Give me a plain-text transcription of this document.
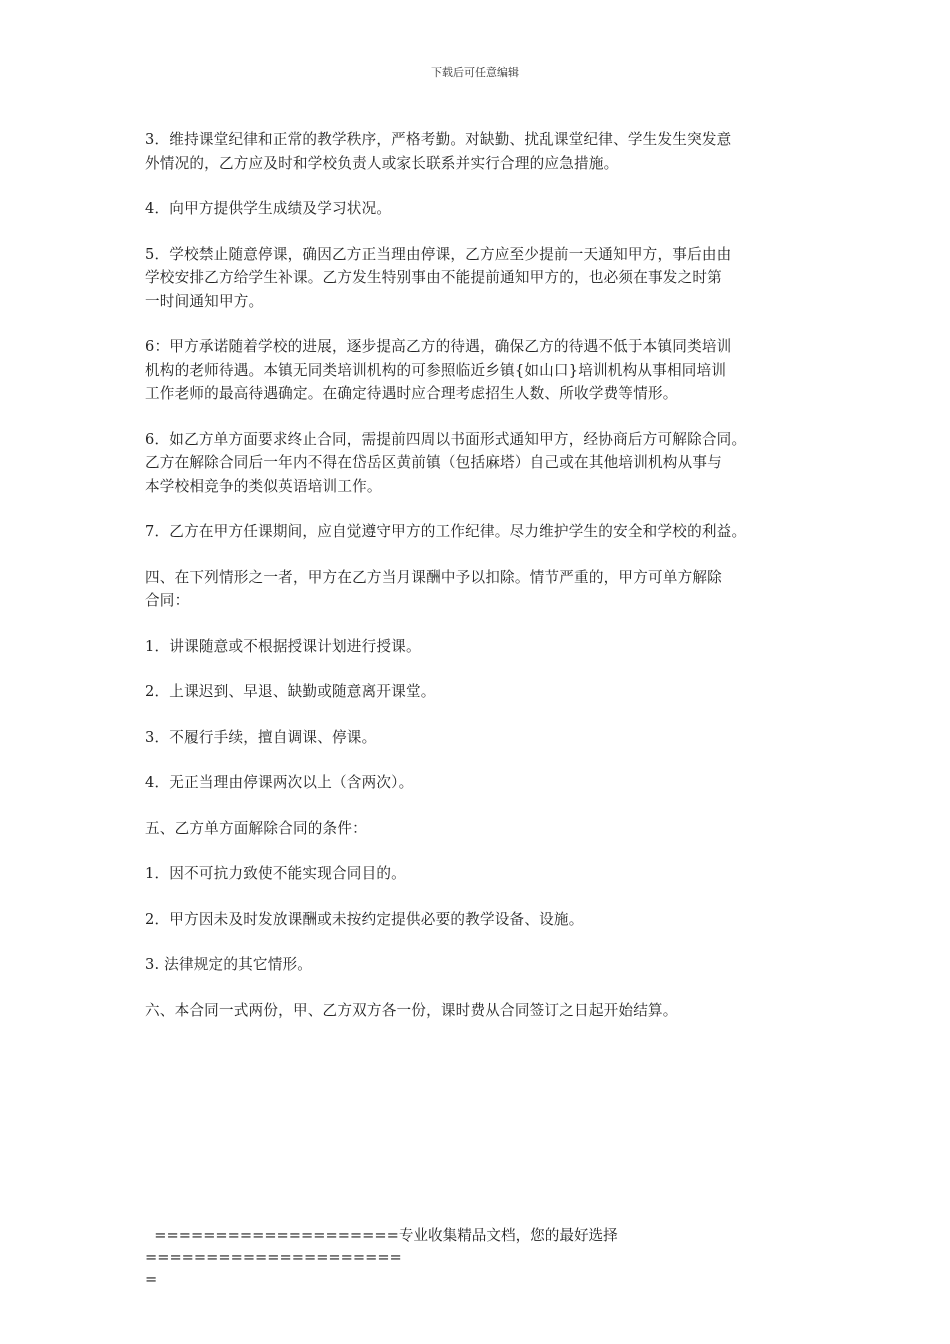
下载后可任意编辑

3．维持课堂纪律和正常的教学秩序，严格考勤。对缺勤、扰乱课堂纪律、学生发生突发意
外情况的，乙方应及时和学校负责人或家长联系并实行合理的应急措施。

4．向甲方提供学生成绩及学习状况。

5．学校禁止随意停课，确因乙方正当理由停课，乙方应至少提前一天通知甲方，事后由由
学校安排乙方给学生补课。乙方发生特别事由不能提前通知甲方的，也必须在事发之时第
一时间通知甲方。

6：甲方承诺随着学校的进展，逐步提高乙方的待遇，确保乙方的待遇不低于本镇同类培训
机构的老师待遇。本镇无同类培训机构的可参照临近乡镇{如山口}培训机构从事相同培训
工作老师的最高待遇确定。在确定待遇时应合理考虑招生人数、所收学费等情形。

6．如乙方单方面要求终止合同，需提前四周以书面形式通知甲方，经协商后方可解除合同。
乙方在解除合同后一年内不得在岱岳区黄前镇（包括麻塔）自己或在其他培训机构从事与
本学校相竞争的类似英语培训工作。

7．乙方在甲方任课期间，应自觉遵守甲方的工作纪律。尽力维护学生的安全和学校的利益。

四、在下列情形之一者，甲方在乙方当月课酬中予以扣除。情节严重的，甲方可单方解除
合同：

1．讲课随意或不根据授课计划进行授课。

2．上课迟到、早退、缺勤或随意离开课堂。

3．不履行手续，擅自调课、停课。

4．无正当理由停课两次以上（含两次）。

五、乙方单方面解除合同的条件：

1．因不可抗力致使不能实现合同目的。

2．甲方因未及时发放课酬或未按约定提供必要的教学设备、设施。

3. 法律规定的其它情形。

六、本合同一式两份，甲、乙方双方各一份，课时费从合同签订之日起开始结算。

====================专业收集精品文档，您的最好选择=====================
=
